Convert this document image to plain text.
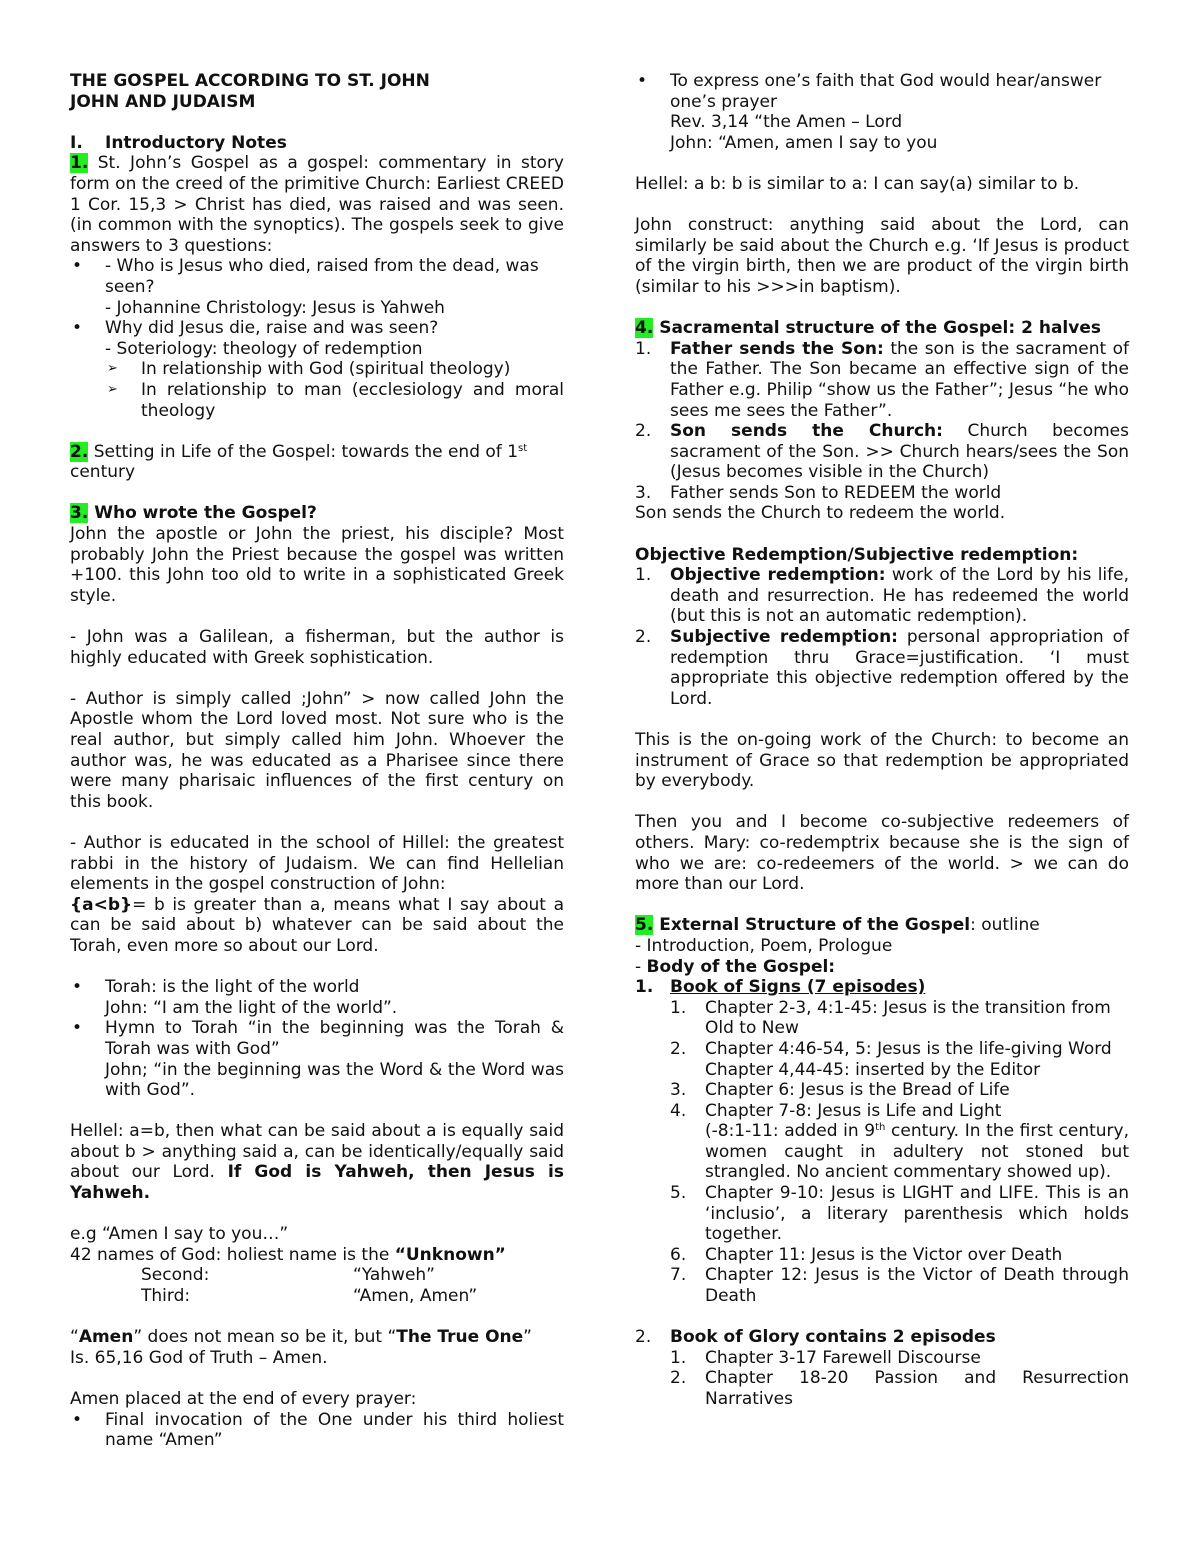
THE GOSPEL ACCORDING TO ST. JOHN

JOHN AND JUDAISM

I.	Introductory Notes

1. St. John’s Gospel as a gospel: commentary in story form on the creed of the primitive Church: Earliest CREED 1 Cor. 15,3 > Christ has died, was raised and was seen. (in common with the synoptics). The gospels seek to give answers to 3 questions:

•	- Who is Jesus who died, raised from the dead, was seen?

- Johannine Christology: Jesus is Yahweh

•	Why did Jesus die, raise and was seen?

- Soteriology: theology of redemption

➢	In relationship with God (spiritual theology)
➢	In relationship to man (ecclesiology and moral theology

2. Setting in Life of the Gospel: towards the end of 1st

century

3. Who wrote the Gospel?

John the apostle or John the priest, his disciple? Most probably John the Priest because the gospel was written +100. this John too old to write in a sophisticated Greek style.

- John was a Galilean, a fisherman, but the author is highly educated with Greek sophistication.

- Author is simply called ;John” > now called John the Apostle whom the Lord loved most. Not sure who is the real author, but simply called him John. Whoever the author was, he was educated as a Pharisee since there were many pharisaic influences of the first century on this book.

- Author is educated in the school of Hillel: the greatest rabbi in the history of Judaism. We can find Hellelian elements in the gospel construction of John:

{a<b}= b is greater than a, means what I say about a can be said about b) whatever can be said about the Torah, even more so about our Lord.

•	Torah: is the light of the world

John: “I am the light of the world”.

•	Hymn to Torah “in the beginning was the Torah & Torah was with God”

John; “in the beginning was the Word & the Word was with God”.

Hellel: a=b, then what can be said about a is equally said about b > anything said a, can be identically/equally said about our Lord. If God is Yahweh, then Jesus is Yahweh.

e.g “Amen I say to you…”

42 names of God: holiest name is the “Unknown”

Second:	“Yahweh”
Third:	“Amen, Amen”

“Amen” does not mean so be it, but “The True One”

Is. 65,16 God of Truth – Amen.

Amen placed at the end of every prayer:

•	Final invocation of the One under his third holiest name “Amen”
•	To express one’s faith that God would hear/answer one’s prayer

Rev. 3,14 “the Amen – Lord

John: “Amen, amen I say to you

Hellel: a b: b is similar to a: I can say(a) similar to b.

John construct: anything said about the Lord, can similarly be said about the Church e.g. ‘If Jesus is product of the virgin birth, then we are product of the virgin birth (similar to his >>>in baptism).

4. Sacramental structure of the Gospel: 2 halves

1.	Father sends the Son: the son is the sacrament of the Father. The Son became an effective sign of the Father e.g. Philip “show us the Father”; Jesus “he who sees me sees the Father”.

2.	Son sends the Church: Church becomes sacrament of the Son. >> Church hears/sees the Son (Jesus becomes visible in the Church)

3.	Father sends Son to REDEEM the world

Son sends the Church to redeem the world.

Objective Redemption/Subjective redemption:

1.	Objective redemption: work of the Lord by his life, death and resurrection. He has redeemed the world (but this is not an automatic redemption).

2.	Subjective redemption: personal appropriation of redemption thru Grace=justification. ‘I must appropriate this objective redemption offered by the Lord.

This is the on-going work of the Church: to become an instrument of Grace so that redemption be appropriated by everybody.

Then you and I become co-subjective redeemers of others. Mary: co-redemptrix because she is the sign of who we are: co-redeemers of the world. > we can do more than our Lord.

5. External Structure of the Gospel: outline

- Introduction, Poem, Prologue

- Body of the Gospel:

1. Book of Signs (7 episodes)
1.	Chapter 2-3, 4:1-45: Jesus is the transition from Old to New
2.	Chapter 4:46-54, 5: Jesus is the life-giving Word

Chapter 4,44-45: inserted by the Editor

3.	Chapter 6: Jesus is the Bread of Life
4.	Chapter 7-8: Jesus is Life and Light

(-8:1-11: added in 9th century. In the first century, women caught in adultery not stoned but strangled. No ancient commentary showed up).

5.	Chapter 9-10: Jesus is LIGHT and LIFE. This is an ‘inclusio’, a literary parenthesis which holds together.
6.	Chapter 11: Jesus is the Victor over Death
7.	Chapter 12: Jesus is the Victor of Death through Death
2.	Book of Glory contains 2 episodes
1.	Chapter 3-17 Farewell Discourse
2.	Chapter 18-20 Passion and Resurrection Narratives
